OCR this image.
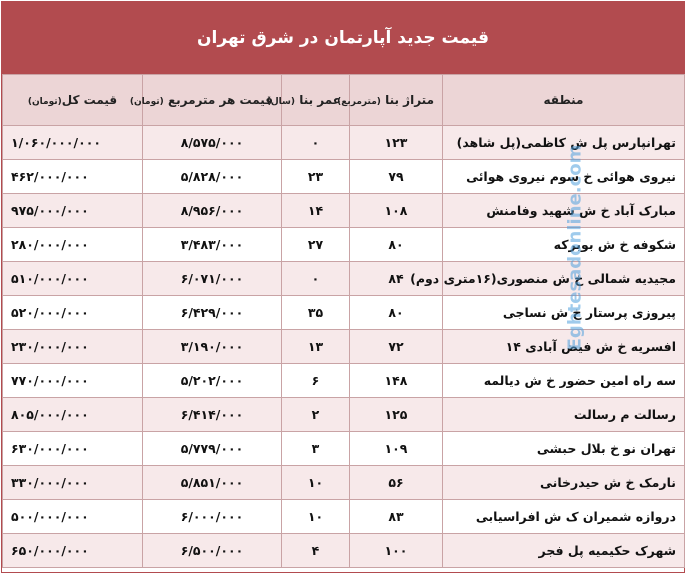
قیمت جدید آپارتمان در شرق تهران
منطقه	متراژ بنا (مترمربع)	عمر بنا (سال)	قیمت هر مترمربع (تومان)	قیمت کل(تومان)
تهرانپارس پل ش کاظمی(پل شاهد)	۱۲۳	۰	۸/۵۷۵/۰۰۰	۱/۰۶۰/۰۰۰/۰۰۰
نیروی هوائی خ سوم نیروی هوائی	۷۹	۲۳	۵/۸۲۸/۰۰۰	۴۶۲/۰۰۰/۰۰۰
مبارک آباد خ ش شهید وفامنش	۱۰۸	۱۴	۸/۹۵۶/۰۰۰	۹۷۵/۰۰۰/۰۰۰
شکوفه خ ش بوبرکه	۸۰	۲۷	۳/۴۸۳/۰۰۰	۲۸۰/۰۰۰/۰۰۰
مجیدیه شمالی خ ش منصوری(۱۶متری دوم)	۸۴	۰	۶/۰۷۱/۰۰۰	۵۱۰/۰۰۰/۰۰۰
پیروزی پرستار خ ش نساجی	۸۰	۳۵	۶/۴۲۹/۰۰۰	۵۲۰/۰۰۰/۰۰۰
افسریه خ ش فیض آبادی ۱۴	۷۲	۱۳	۳/۱۹۰/۰۰۰	۲۳۰/۰۰۰/۰۰۰
سه راه امین حضور خ ش دیالمه	۱۴۸	۶	۵/۲۰۲/۰۰۰	۷۷۰/۰۰۰/۰۰۰
رسالت م رسالت	۱۲۵	۲	۶/۴۱۴/۰۰۰	۸۰۵/۰۰۰/۰۰۰
تهران نو خ بلال حبشی	۱۰۹	۳	۵/۷۷۹/۰۰۰	۶۳۰/۰۰۰/۰۰۰
نارمک خ ش حیدرخانی	۵۶	۱۰	۵/۸۵۱/۰۰۰	۳۳۰/۰۰۰/۰۰۰
دروازه شمیران ک ش افراسیابی	۸۳	۱۰	۶/۰۰۰/۰۰۰	۵۰۰/۰۰۰/۰۰۰
شهرک حکیمیه پل فجر	۱۰۰	۴	۶/۵۰۰/۰۰۰	۶۵۰/۰۰۰/۰۰۰
Eghtesadonline.com
